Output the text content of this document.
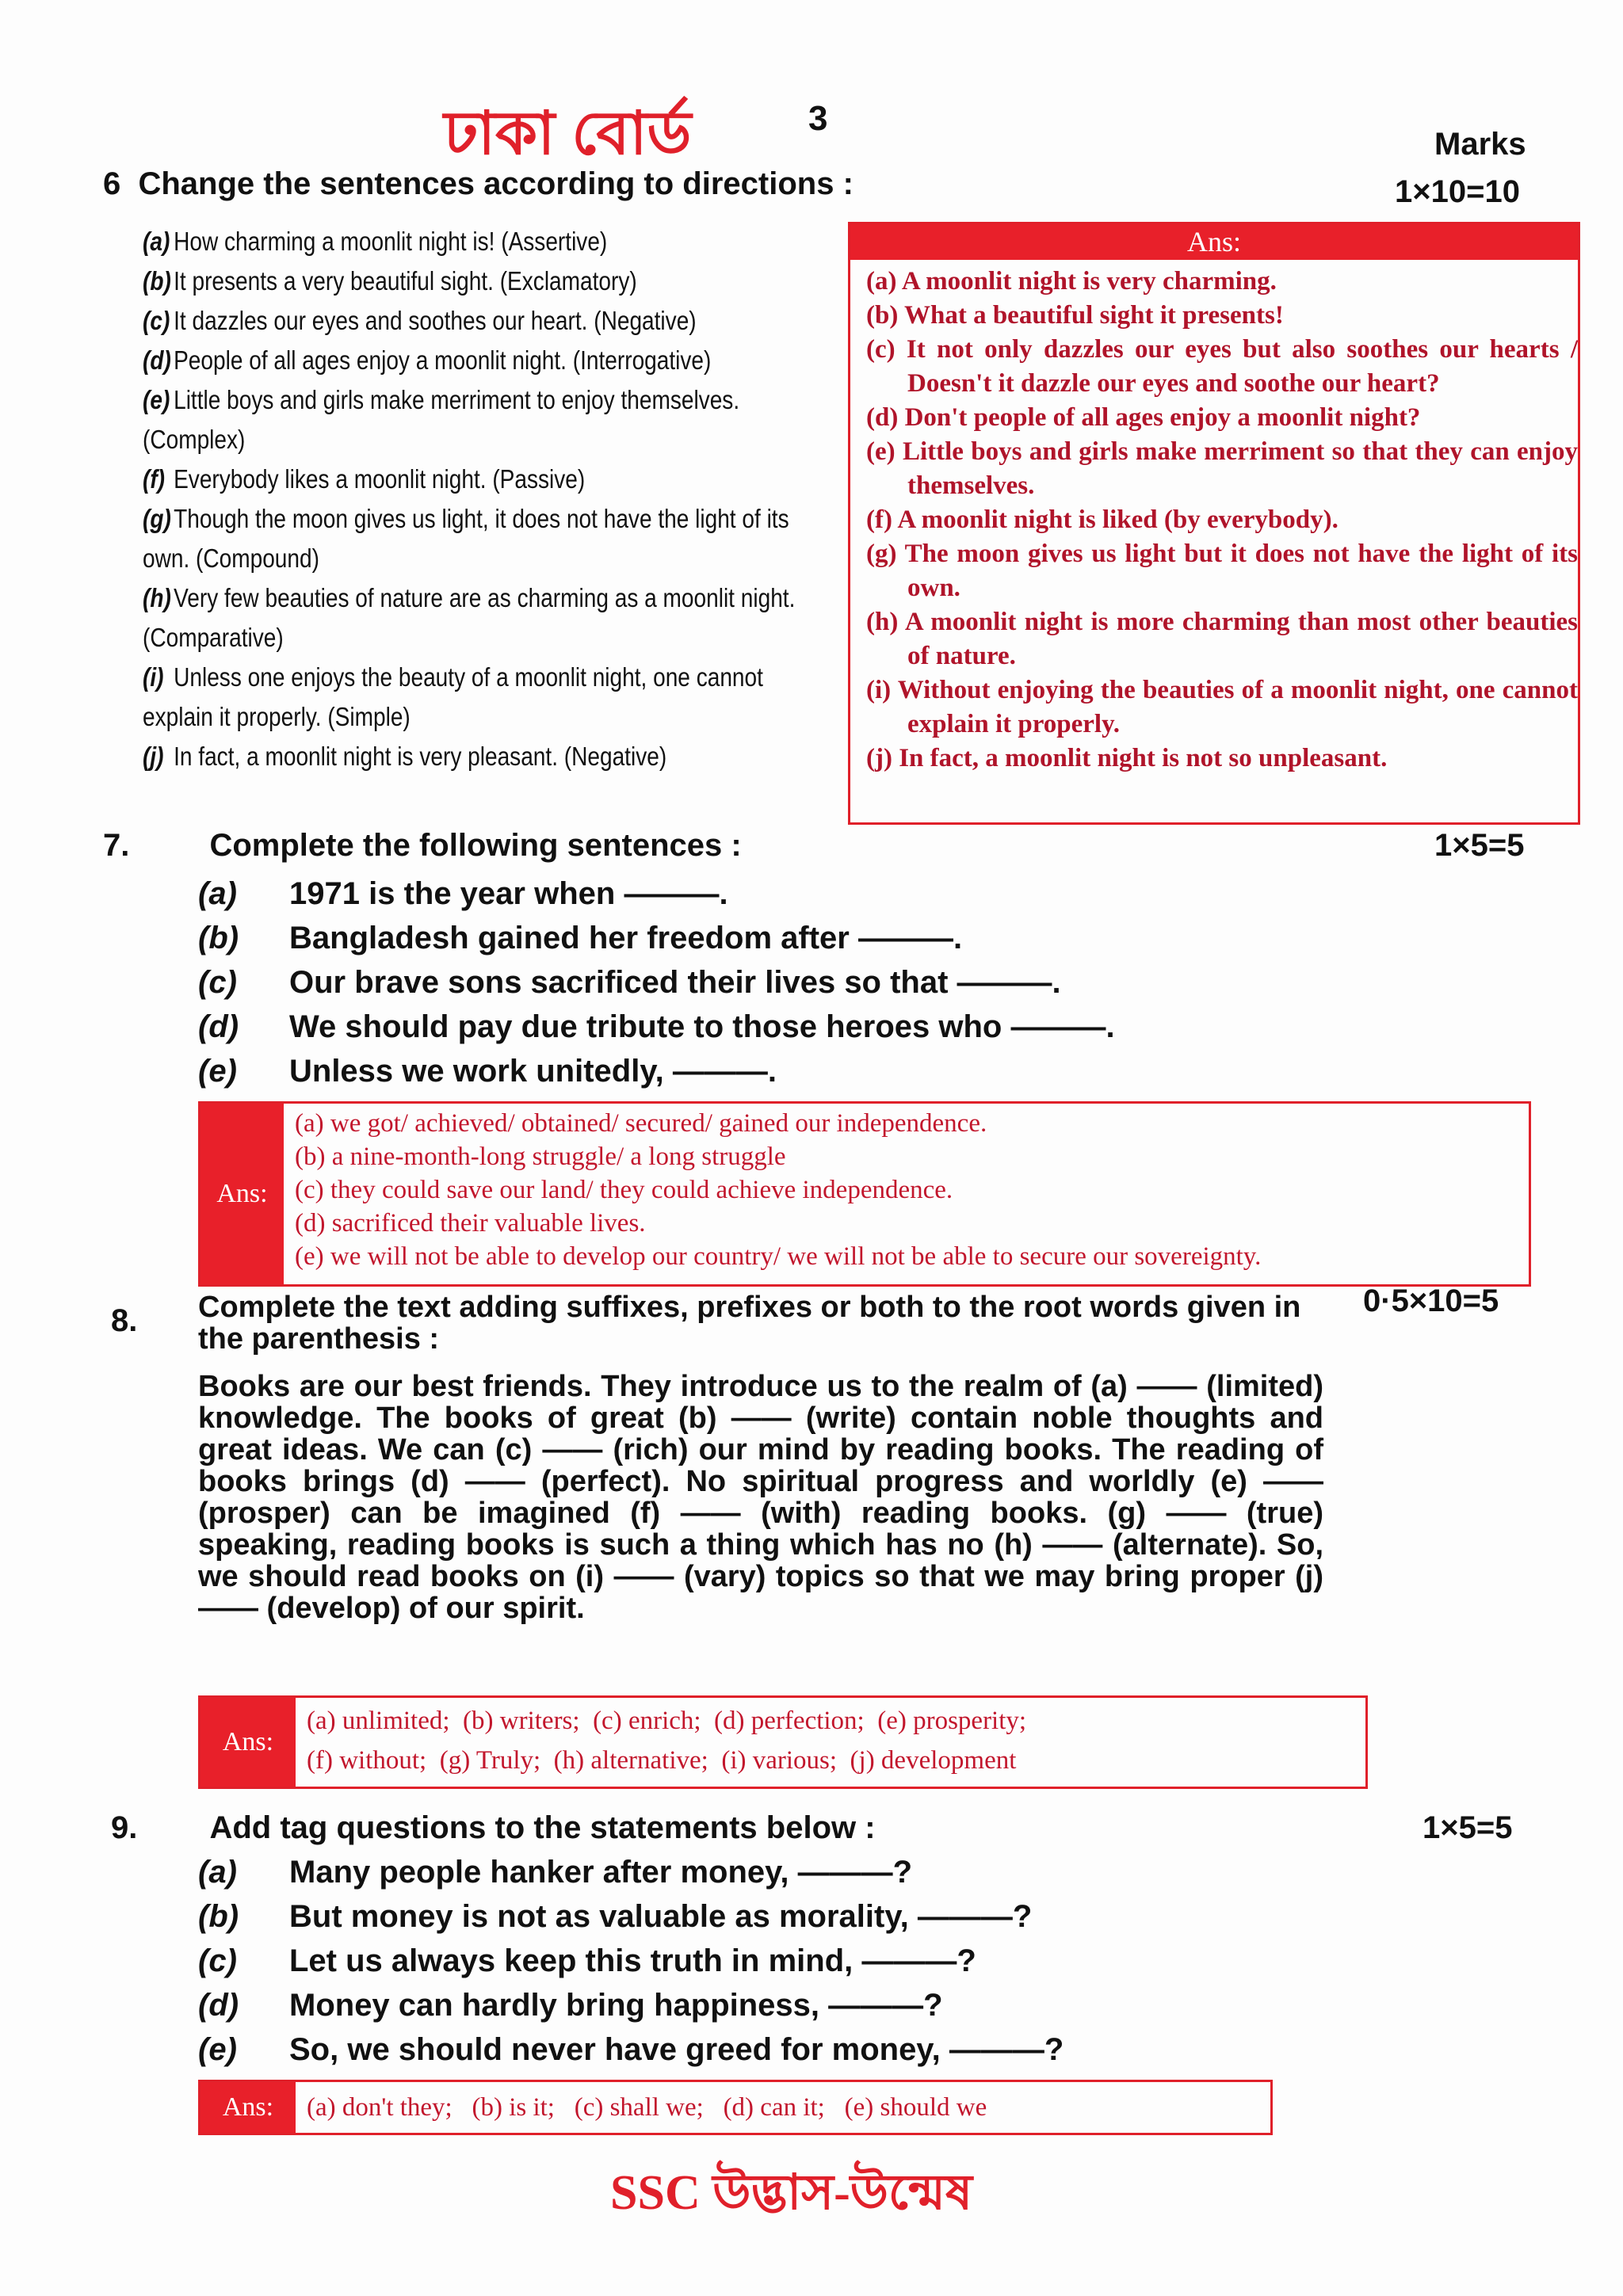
ঢাকা বোর্ড	3
Marks
6 Change the sentences according to directions :	1×10=10
(a) How charming a moonlit night is! (Assertive)
(b)It presents a very beautiful sight. (Exclamatory)
(c) It dazzles our eyes and soothes our heart. (Negative)
(d)People of all ages enjoy a moonlit night. (Interrogative)
(e) Little boys and girls make merriment to enjoy themselves. (Complex)
(f) Everybody likes a moonlit night. (Passive)
(g)Though the moon gives us light, it does not have the light of its own. (Compound)
(h)Very few beauties of nature are as charming as a moonlit night. (Comparative)
(i) Unless one enjoys the beauty of a moonlit night, one cannot explain it properly. (Simple)
(j) In fact, a moonlit night is very pleasant. (Negative)
Ans:
(a) A moonlit night is very charming.
(b) What a beautiful sight it presents!
(c) It not only dazzles our eyes but also soothes our hearts / Doesn't it dazzle our eyes and soothe our heart?
(d) Don't people of all ages enjoy a moonlit night?
(e) Little boys and girls make merriment so that they can enjoy themselves.
(f) A moonlit night is liked (by everybody).
(g) The moon gives us light but it does not have the light of its own.
(h) A moonlit night is more charming than most other beauties of nature.
(i) Without enjoying the beauties of a moonlit night, one cannot explain it properly.
(j) In fact, a moonlit night is not so unpleasant.
7.	Complete the following sentences :	1×5=5
(a) 1971 is the year when ———.
(b) Bangladesh gained her freedom after ———.
(c) Our brave sons sacrificed their lives so that ———.
(d) We should pay due tribute to those heroes who ———.
(e) Unless we work unitedly, ———.
Ans:
(a) we got/ achieved/ obtained/ secured/ gained our independence.
(b) a nine-month-long struggle/ a long struggle
(c) they could save our land/ they could achieve independence.
(d) sacrificed their valuable lives.
(e) we will not be able to develop our country/ we will not be able to secure our sovereignty.
8. Complete the text adding suffixes, prefixes or both to the root words given in the parenthesis :
0·5×10=5
Books are our best friends. They introduce us to the realm of (a) —— (limited) knowledge. The books of great (b) —— (write) contain noble thoughts and great ideas. We can (c) —— (rich) our mind by reading books. The reading of books brings (d) —— (perfect). No spiritual progress and worldly (e) —— (prosper) can be imagined (f) —— (with) reading books. (g) —— (true) speaking, reading books is such a thing which has no (h) —— (alternate). So, we should read books on (i) —— (vary) topics so that we may bring proper (j) —— (develop) of our spirit.
Ans:
(a) unlimited;  (b) writers;  (c) enrich;  (d) perfection;  (e) prosperity;
(f) without;  (g) Truly;  (h) alternative;  (i) various;  (j) development
9. Add tag questions to the statements below :	1×5=5
(a) Many people hanker after money, ———?
(b) But money is not as valuable as morality, ———?
(c) Let us always keep this truth in mind, ———?
(d) Money can hardly bring happiness, ———?
(e) So, we should never have greed for money, ———?
Ans:	(a) don't they;   (b) is it;   (c) shall we;   (d) can it;   (e) should we
SSC উদ্ভাস-উন্মেষ
